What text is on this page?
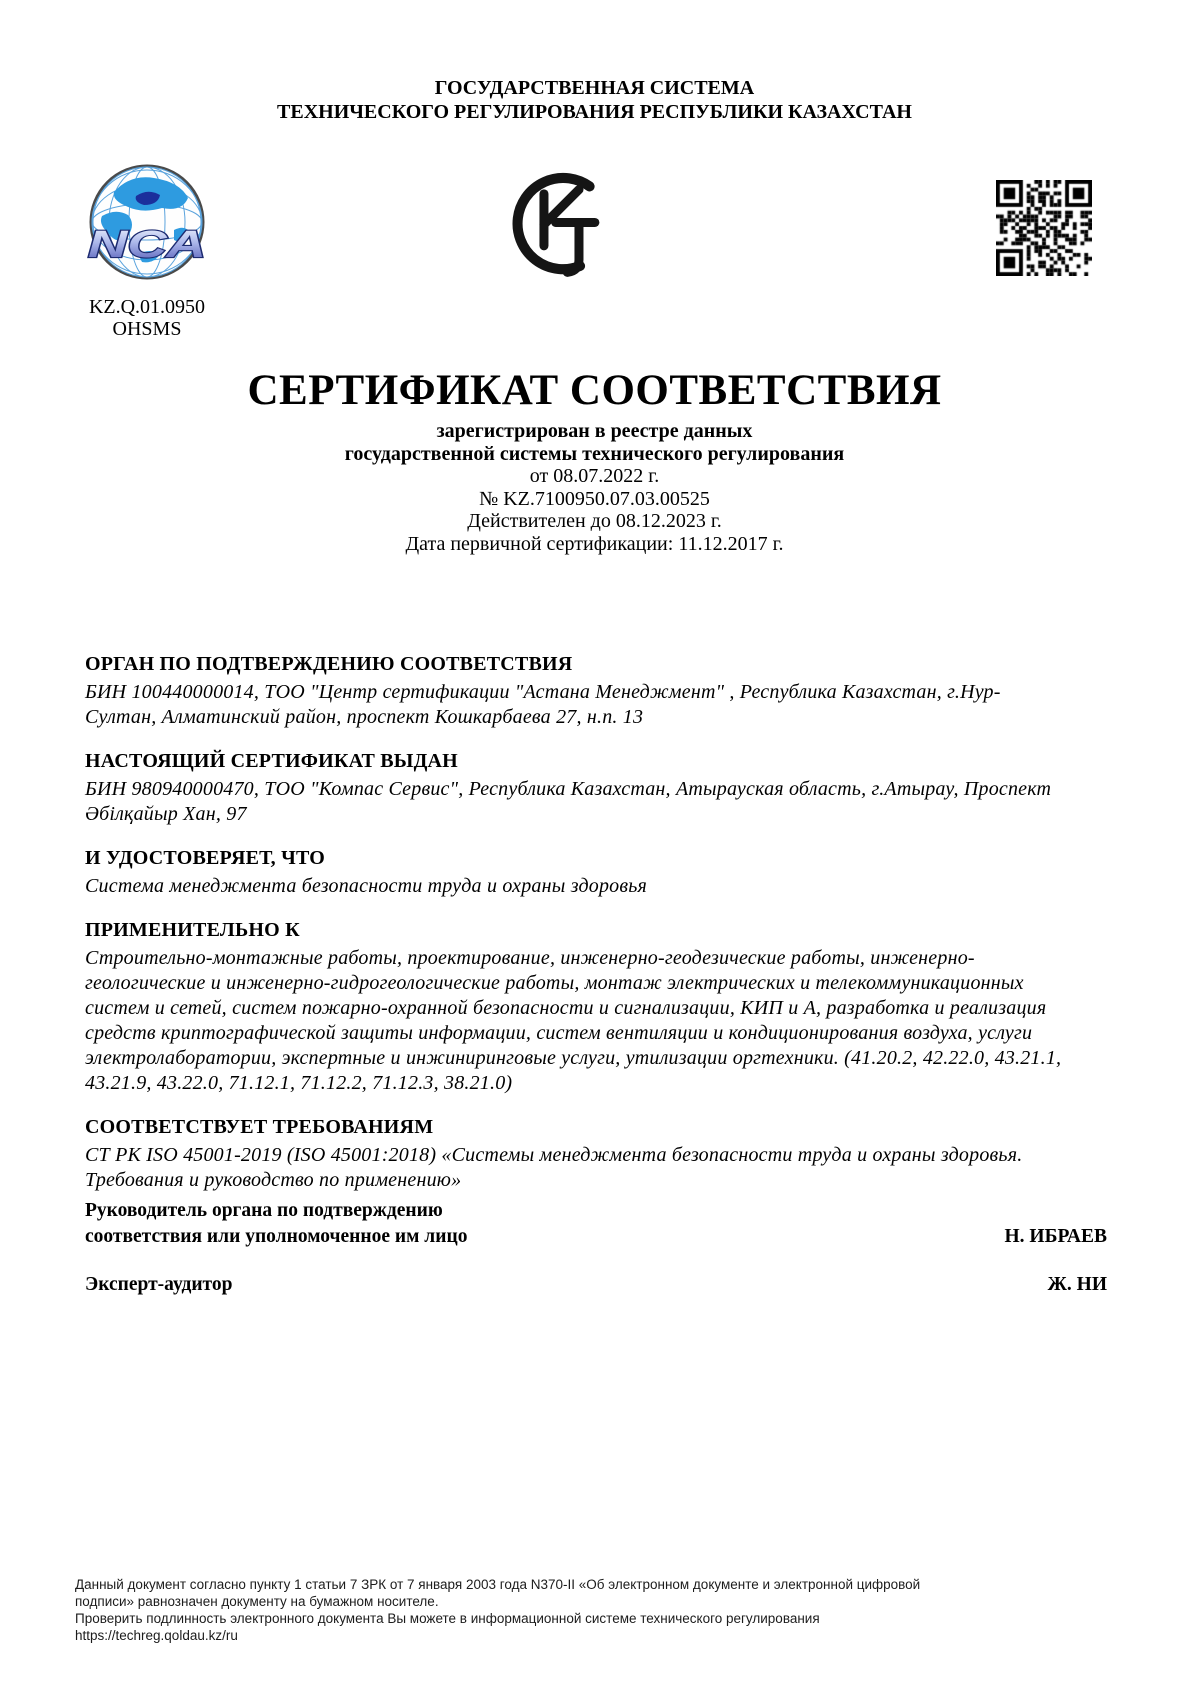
ГОСУДАРСТВЕННАЯ СИСТЕМА
ТЕХНИЧЕСКОГО РЕГУЛИРОВАНИЯ РЕСПУБЛИКИ КАЗАХСТАН
NCA
KZ.Q.01.0950
OHSMS
СЕРТИФИКАТ СООТВЕТСТВИЯ
зарегистрирован в реестре данных
государственной системы технического регулирования
от 08.07.2022 г.
№ KZ.7100950.07.03.00525
Действителен до 08.12.2023 г.
Дата первичной сертификации: 11.12.2017 г.
ОРГАН ПО ПОДТВЕРЖДЕНИЮ СООТВЕТСТВИЯ
БИН 100440000014, ТОО "Центр сертификации "Астана Менеджмент" , Республика Казахстан, г.Нур-
Султан, Алматинский район, проспект Кошкарбаева 27, н.п. 13
НАСТОЯЩИЙ СЕРТИФИКАТ ВЫДАН
БИН 980940000470, ТОО "Компас Сервис", Республика Казахстан, Атырауская область, г.Атырау, Проспект
Әбілқайыр Хан, 97
И УДОСТОВЕРЯЕТ, ЧТО
Система менеджмента безопасности труда и охраны здоровья
ПРИМЕНИТЕЛЬНО К
Строительно-монтажные работы, проектирование, инженерно-геодезические работы, инженерно-
геологические и инженерно-гидрогеологические работы, монтаж электрических и телекоммуникационных
систем и сетей, систем пожарно-охранной безопасности и сигнализации, КИП и А, разработка и реализация
средств криптографической защиты информации, систем вентиляции и кондиционирования воздуха, услуги
электролаборатории, экспертные и инжиниринговые услуги, утилизации оргтехники. (41.20.2, 42.22.0, 43.21.1,
43.21.9, 43.22.0, 71.12.1, 71.12.2, 71.12.3, 38.21.0)
СООТВЕТСТВУЕТ ТРЕБОВАНИЯМ
СТ РК ISO 45001-2019 (ISO 45001:2018) «Системы менеджмента безопасности труда и охраны здоровья.
Требования и руководство по применению»
Руководитель органа по подтверждению
соответствия или уполномоченное им лицо	Н. ИБРАЕВ
Эксперт-аудитор	Ж. НИ
Данный документ согласно пункту 1 статьи 7 ЗРК от 7 января 2003 года N370-II «Об электронном документе и электронной цифровой
подписи» равнозначен документу на бумажном носителе.
Проверить подлинность электронного документа Вы можете в информационной системе технического регулирования
https://techreg.qoldau.kz/ru
